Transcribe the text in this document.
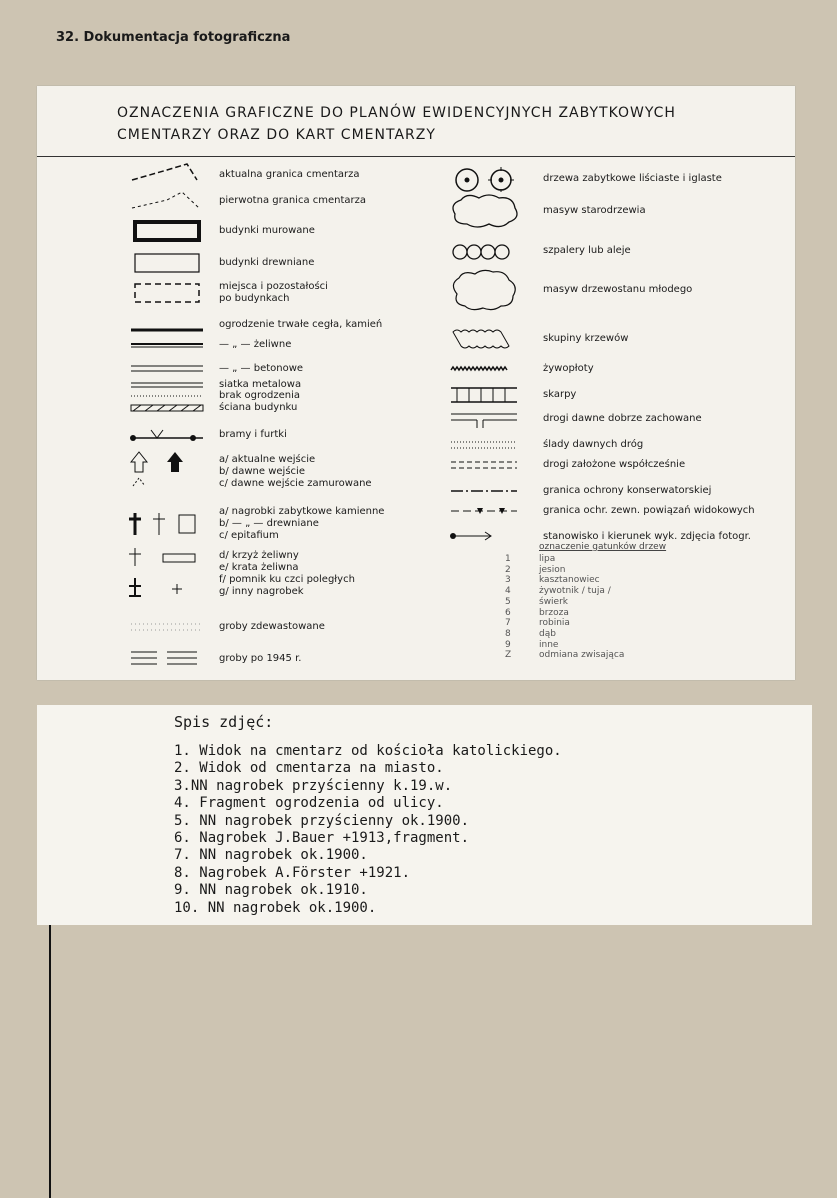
32. Dokumentacja fotograficzna
OZNACZENIA GRAFICZNE DO PLANÓW EWIDENCYJNYCH ZABYTKOWYCH
CMENTARZY ORAZ DO KART CMENTARZY
aktualna granica cmentarza
pierwotna granica cmentarza
budynki murowane
budynki drewniane
miejsca i pozostałości
po budynkach
ogrodzenie trwałe cegła, kamień
— „ — żeliwne
— „ — betonowe
siatka metalowa
brak ogrodzenia
ściana budynku
bramy i furtki
a/ aktualne wejście
b/ dawne wejście
c/ dawne wejście zamurowane
a/ nagrobki zabytkowe kamienne
b/ — „ — drewniane
c/ epitafium
d/ krzyż żeliwny
e/ krata żeliwna
f/ pomnik ku czci poległych
g/ inny nagrobek
groby zdewastowane
groby po 1945 r.
drzewa zabytkowe liściaste i iglaste
masyw starodrzewia
szpalery lub aleje
masyw drzewostanu młodego
skupiny krzewów
żywopłoty
skarpy
drogi dawne dobrze zachowane
ślady dawnych dróg
drogi założone współcześnie
granica ochrony konserwatorskiej
granica ochr. zewn. powiązań widokowych
stanowisko i kierunek wyk. zdjęcia fotogr.
oznaczenie gatunków drzew
1	lipa
2	jesion
3	kasztanowiec
4	żywotnik / tuja /
5	świerk
6	brzoza
7	robinia
8	dąb
9	inne
Z	odmiana zwisająca
Spis zdjęć:
1. Widok na cmentarz od kościoła katolickiego.
2. Widok od cmentarza na miasto.
3.NN nagrobek przyścienny k.19.w.
4. Fragment ogrodzenia od ulicy.
5. NN nagrobek przyścienny ok.1900.
6. Nagrobek J.Bauer +1913,fragment.
7. NN nagrobek ok.1900.
8. Nagrobek A.Förster +1921.
9. NN nagrobek ok.1910.
10. NN nagrobek ok.1900.
